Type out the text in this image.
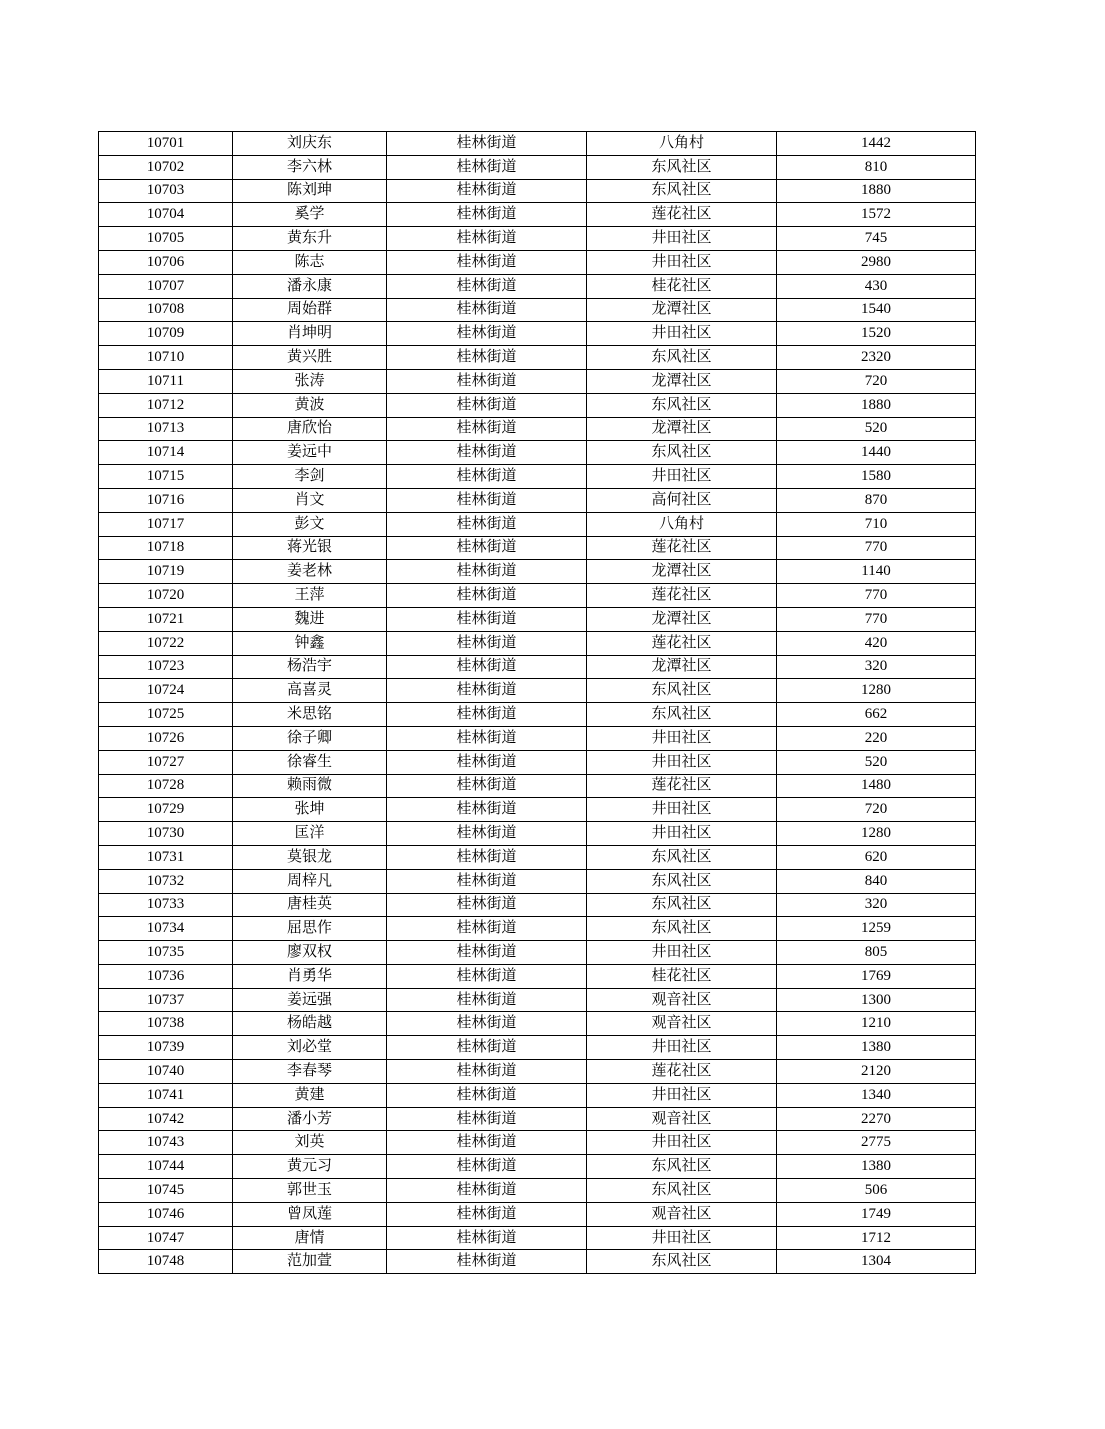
10701	刘庆东	桂林街道	八角村	1442
10702	李六林	桂林街道	东风社区	810
10703	陈刘珅	桂林街道	东风社区	1880
10704	奚学	桂林街道	莲花社区	1572
10705	黄东升	桂林街道	井田社区	745
10706	陈志	桂林街道	井田社区	2980
10707	潘永康	桂林街道	桂花社区	430
10708	周始群	桂林街道	龙潭社区	1540
10709	肖坤明	桂林街道	井田社区	1520
10710	黄兴胜	桂林街道	东风社区	2320
10711	张涛	桂林街道	龙潭社区	720
10712	黄波	桂林街道	东风社区	1880
10713	唐欣怡	桂林街道	龙潭社区	520
10714	姜远中	桂林街道	东风社区	1440
10715	李剑	桂林街道	井田社区	1580
10716	肖文	桂林街道	高何社区	870
10717	彭文	桂林街道	八角村	710
10718	蒋光银	桂林街道	莲花社区	770
10719	姜老林	桂林街道	龙潭社区	1140
10720	王萍	桂林街道	莲花社区	770
10721	魏进	桂林街道	龙潭社区	770
10722	钟鑫	桂林街道	莲花社区	420
10723	杨浩宇	桂林街道	龙潭社区	320
10724	高喜灵	桂林街道	东风社区	1280
10725	米思铭	桂林街道	东风社区	662
10726	徐子卿	桂林街道	井田社区	220
10727	徐睿生	桂林街道	井田社区	520
10728	赖雨微	桂林街道	莲花社区	1480
10729	张坤	桂林街道	井田社区	720
10730	匡洋	桂林街道	井田社区	1280
10731	莫银龙	桂林街道	东风社区	620
10732	周梓凡	桂林街道	东风社区	840
10733	唐桂英	桂林街道	东风社区	320
10734	屈思作	桂林街道	东风社区	1259
10735	廖双权	桂林街道	井田社区	805
10736	肖勇华	桂林街道	桂花社区	1769
10737	姜远强	桂林街道	观音社区	1300
10738	杨皓越	桂林街道	观音社区	1210
10739	刘必堂	桂林街道	井田社区	1380
10740	李春琴	桂林街道	莲花社区	2120
10741	黄建	桂林街道	井田社区	1340
10742	潘小芳	桂林街道	观音社区	2270
10743	刘英	桂林街道	井田社区	2775
10744	黄元习	桂林街道	东风社区	1380
10745	郭世玉	桂林街道	东风社区	506
10746	曾凤莲	桂林街道	观音社区	1749
10747	唐情	桂林街道	井田社区	1712
10748	范加萱	桂林街道	东风社区	1304
